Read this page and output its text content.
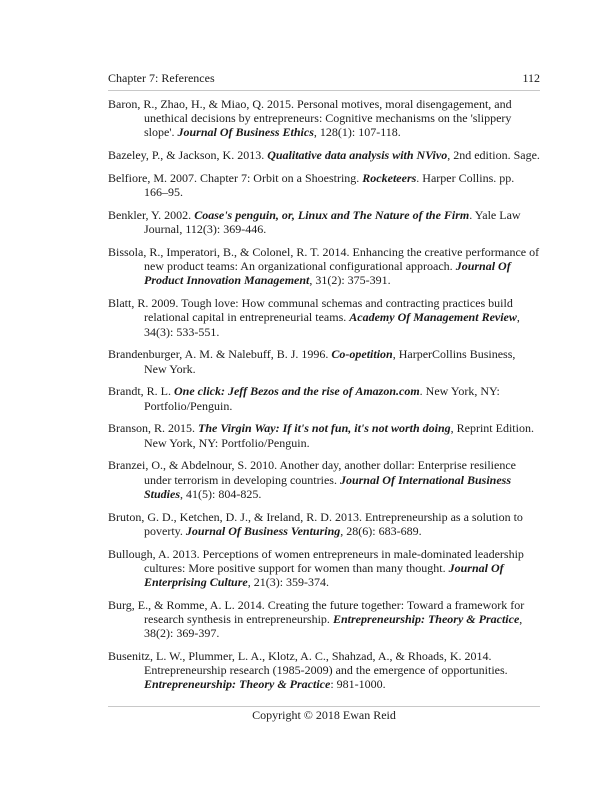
Chapter 7: References	112
Baron, R., Zhao, H., & Miao, Q. 2015. Personal motives, moral disengagement, and unethical decisions by entrepreneurs: Cognitive mechanisms on the 'slippery slope'. Journal Of Business Ethics, 128(1): 107-118.
Bazeley, P., & Jackson, K. 2013. Qualitative data analysis with NVivo, 2nd edition. Sage.
Belfiore, M. 2007. Chapter 7: Orbit on a Shoestring. Rocketeers. Harper Collins. pp. 166–95.
Benkler, Y. 2002. Coase's penguin, or, Linux and The Nature of the Firm. Yale Law Journal, 112(3): 369-446.
Bissola, R., Imperatori, B., & Colonel, R. T. 2014. Enhancing the creative performance of new product teams: An organizational configurational approach. Journal Of Product Innovation Management, 31(2): 375-391.
Blatt, R. 2009. Tough love: How communal schemas and contracting practices build relational capital in entrepreneurial teams. Academy Of Management Review, 34(3): 533-551.
Brandenburger, A. M. & Nalebuff, B. J. 1996. Co-opetition, HarperCollins Business, New York.
Brandt, R. L. One click: Jeff Bezos and the rise of Amazon.com. New York, NY: Portfolio/Penguin.
Branson, R. 2015. The Virgin Way: If it's not fun, it's not worth doing, Reprint Edition. New York, NY: Portfolio/Penguin.
Branzei, O., & Abdelnour, S. 2010. Another day, another dollar: Enterprise resilience under terrorism in developing countries. Journal Of International Business Studies, 41(5): 804-825.
Bruton, G. D., Ketchen, D. J., & Ireland, R. D. 2013. Entrepreneurship as a solution to poverty. Journal Of Business Venturing, 28(6): 683-689.
Bullough, A. 2013. Perceptions of women entrepreneurs in male-dominated leadership cultures: More positive support for women than many thought. Journal Of Enterprising Culture, 21(3): 359-374.
Burg, E., & Romme, A. L. 2014. Creating the future together: Toward a framework for research synthesis in entrepreneurship. Entrepreneurship: Theory & Practice, 38(2): 369-397.
Busenitz, L. W., Plummer, L. A., Klotz, A. C., Shahzad, A., & Rhoads, K. 2014. Entrepreneurship research (1985-2009) and the emergence of opportunities. Entrepreneurship: Theory & Practice: 981-1000.
Copyright © 2018 Ewan Reid
